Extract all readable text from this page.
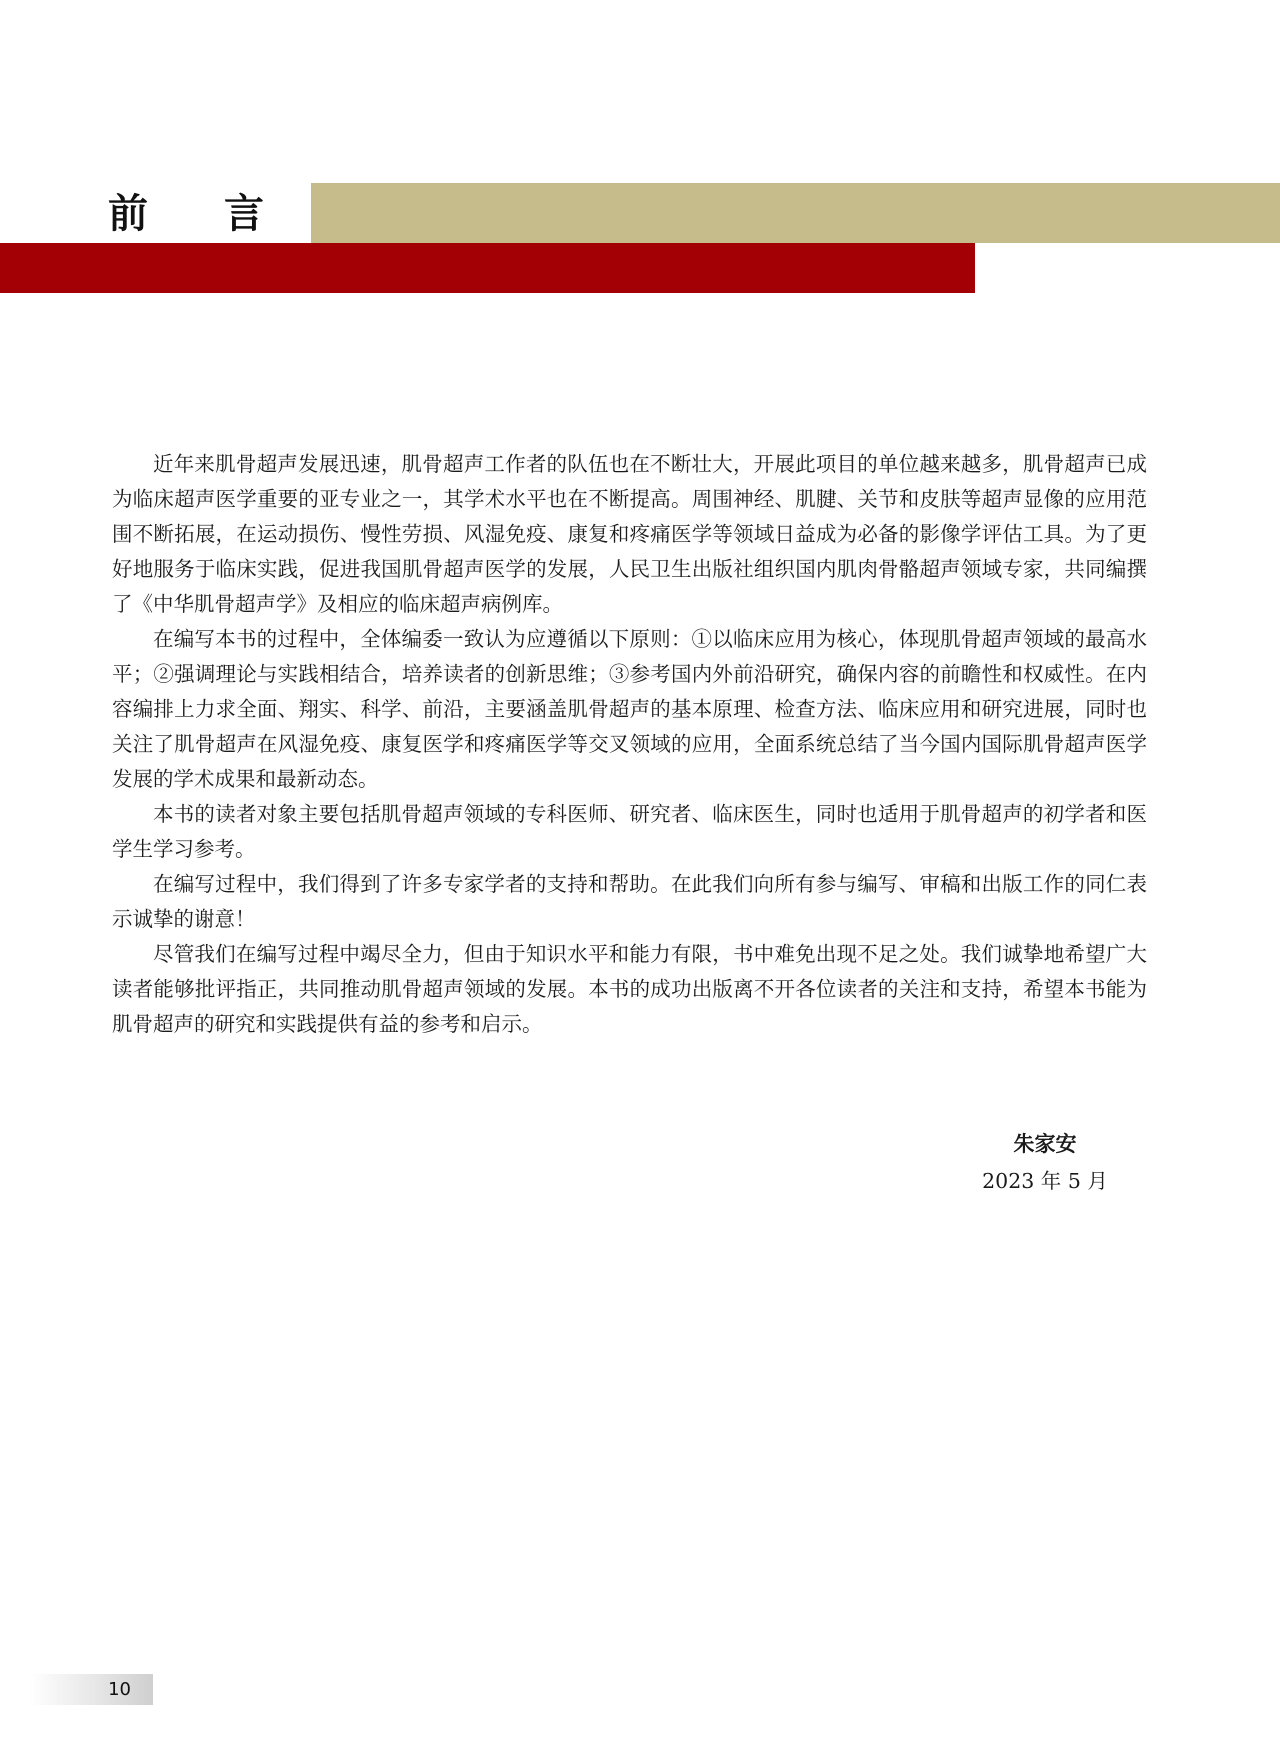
前言

近年来肌骨超声发展迅速，肌骨超声工作者的队伍也在不断壮大，开展此项目的单位越来越多，肌骨超声已成为临床超声医学重要的亚专业之一，其学术水平也在不断提高。周围神经、肌腱、关节和皮肤等超声显像的应用范围不断拓展，在运动损伤、慢性劳损、风湿免疫、康复和疼痛医学等领域日益成为必备的影像学评估工具。为了更好地服务于临床实践，促进我国肌骨超声医学的发展，人民卫生出版社组织国内肌肉骨骼超声领域专家，共同编撰了《中华肌骨超声学》及相应的临床超声病例库。

在编写本书的过程中，全体编委一致认为应遵循以下原则：①以临床应用为核心，体现肌骨超声领域的最高水平；②强调理论与实践相结合，培养读者的创新思维；③参考国内外前沿研究，确保内容的前瞻性和权威性。在内容编排上力求全面、翔实、科学、前沿，主要涵盖肌骨超声的基本原理、检查方法、临床应用和研究进展，同时也关注了肌骨超声在风湿免疫、康复医学和疼痛医学等交叉领域的应用，全面系统总结了当今国内国际肌骨超声医学发展的学术成果和最新动态。

本书的读者对象主要包括肌骨超声领域的专科医师、研究者、临床医生，同时也适用于肌骨超声的初学者和医学生学习参考。

在编写过程中，我们得到了许多专家学者的支持和帮助。在此我们向所有参与编写、审稿和出版工作的同仁表示诚挚的谢意！

尽管我们在编写过程中竭尽全力，但由于知识水平和能力有限，书中难免出现不足之处。我们诚挚地希望广大读者能够批评指正，共同推动肌骨超声领域的发展。本书的成功出版离不开各位读者的关注和支持，希望本书能为肌骨超声的研究和实践提供有益的参考和启示。

朱家安
2023 年 5 月
10
